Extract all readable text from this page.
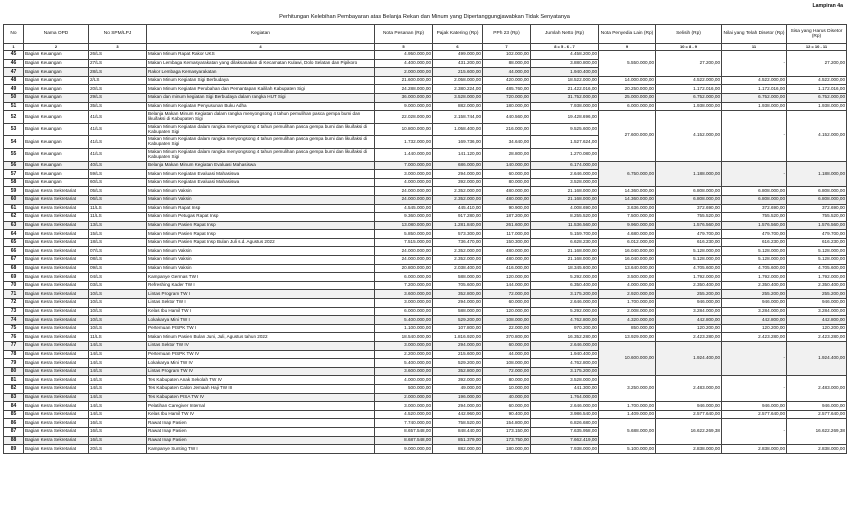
Lampiran 4a
Perhitungan Kelebihan Pembayaran atas Belanja Rekan dan Minum yang Dipertanggungjawabkan Tidak Senyatanya
No	Nama OPD	No SPM/LPJ	Kegiatan	Nota Pesanan (Rp)	Pajak Katering (Rp)	PPh 23 (Rp)	Jumlah Netto (Rp)	Nota Penyedia Lain (Rp)	Selisih (Rp)	Nilai yang Telah Disetor (Rp)	Sisa yang Harus Disetor (Rp)
1	2	3	4	5	6	7	8 = 5 - 6 - 7	9	10 = 8 - 9	11	12 = 10 - 11
45	Bagian Keuangan	26/LS	Makan Minum Rapat Rakor UKS	4.950.000,00	499.000,00	102.000,00	4.458.200,00	5.550.000,00	27.200,00	-	27.200,00
46	Bagian Keuangan	27/LS	Makan Lembaga Kemasyarakatan yang dilaksanakan di Kecamatan Kulawi, Dolo Selatan dan Pipikoro	4.400.000,00	431.200,00	88.000,00	3.880.800,00				
47	Bagian Keuangan	28/LS	Rakor Lembaga Kemasyarakatan	2.000.000,00	215.600,00	44.000,00	1.940.400,00				
48	Bagian Keuangan	2/LS	Makan Minum Kegiatan Sigi Berbudaya	21.600.000,00	2.058.000,00	420.000,00	18.522.000,00	14.000.000,00	4.522.000,00	4.522.000,00	4.522.000,00
49	Bagian Keuangan	20/LS	Makan Minum Kegiatan Perubahan dan Pemantapan Kaililah Kabupaten Sigi	24.288.000,00	2.380.224,00	485.760,00	21.422.016,00	20.250.000,00	1.172.016,00	1.172.016,00	1.172.016,00
50	Bagian Keuangan	29/LS	Makan dan minum kegiatan Sigi Berbudaya dalam rangka HUT Sigi	36.000.000,00	3.528.000,00	720.000,00	31.752.000,00	25.000.000,00	6.752.000,00	6.752.000,00	6.752.000,00
51	Bagian Keuangan	35/LS	Makan Minum Kegiatan Penyusunan Buku Adha	9.000.000,00	882.000,00	180.000,00	7.938.000,00	6.000.000,00	1.938.000,00	1.938.000,00	1.938.000,00
52	Bagian Keuangan	41/LS	Belanja Makan Minum Kegiatan dalam rangka menyongsong 4 tahun pemulihan pasca gempa bumi dan likuifaksi di Kabupaten Sigi	22.028.000,00	2.158.744,00	440.560,00	19.428.696,00	27.600.000,00	4.152.000,00	-	4.152.000,00
53	Bagian Keuangan	41/LS	Makan Minum Kegiatan dalam rangka menyongsong 4 tahun pemulihan pasca gempa bumi dan likuifaksi di Kabupaten Sigi	10.800.000,00	1.058.400,00	216.000,00	9.525.600,00				
54	Bagian Keuangan	41/LS	Makan Minum Kegiatan dalam rangka menyongsong 4 tahun pemulihan pasca gempa bumi dan likuifaksi di Kabupaten Sigi	1.732.000,00	169.736,00	34.640,00	1.527.624,00				
55	Bagian Keuangan	41/LS	Makan Minum Kegiatan dalam rangka menyongsong 4 tahun pemulihan pasca gempa bumi dan likuifaksi di Kabupaten Sigi	1.440.000,00	141.120,00	28.800,00	1.270.080,00				
56	Bagian Keuangan	40/LS	Belanja Makan Minum Kegiatan Evaluasi Mahasiswa	7.000.000,00	686.000,00	140.000,00	6.174.000,00	6.750.000,00	1.188.000,00	-	1.188.000,00
57	Bagian Keuangan	59/LS	Makan Minum Kegiatan Evaluasi Mahasiswa	3.000.000,00	294.000,00	60.000,00	2.646.000,00				
58	Bagian Keuangan	60/LS	Makan Minum Kegiatan Evaluasi Mahasiswa	4.000.000,00	392.000,00	80.000,00	3.528.000,00				
59	Bagian Kesra Sekretariat	05/LS	Makan Minum Vaksin	24.000.000,00	2.352.000,00	480.000,00	21.168.000,00	14.360.000,00	6.808.000,00	6.808.000,00	6.808.000,00
60	Bagian Kesra Sekretariat	06/LS	Makan Minum Vaksin	24.000.000,00	2.352.000,00	480.000,00	21.168.000,00	14.360.000,00	6.808.000,00	6.808.000,00	6.808.000,00
61	Bagian Kesra Sekretariat	11/LS	Makan Minum Rapat Insp	4.545.000,00	445.410,00	90.900,00	4.008.690,00	3.636.000,00	372.690,00	372.690,00	372.690,00
62	Bagian Kesra Sekretariat	11/LS	Makan Minum Petugas Rapat Insp	9.360.000,00	917.280,00	187.200,00	8.255.520,00	7.500.000,00	755.520,00	755.520,00	755.520,00
63	Bagian Kesra Sekretariat	13/LS	Makan Minum Pasien Rapat Insp	13.080.000,00	1.281.840,00	261.600,00	11.536.560,00	9.960.000,00	1.576.560,00	1.576.560,00	1.576.560,00
64	Bagian Kesra Sekretariat	15/LS	Makan Minum Pasien Rapat Insp	5.850.000,00	573.300,00	117.000,00	5.159.700,00	4.680.000,00	479.700,00	479.700,00	479.700,00
65	Bagian Kesra Sekretariat	18/LS	Makan Minum Pasien Rapat Insp Bulan Juli s.d. Agustus 2022	7.515.000,00	736.470,00	150.300,00	6.628.230,00	6.012.000,00	616.230,00	616.230,00	616.230,00
66	Bagian Kesra Sekretariat	07/LS	Makan Minum Vaksin	24.000.000,00	2.352.000,00	480.000,00	21.168.000,00	16.040.000,00	5.128.000,00	5.128.000,00	5.128.000,00
67	Bagian Kesra Sekretariat	08/LS	Makan Minum Vaksin	24.000.000,00	2.352.000,00	480.000,00	21.168.000,00	16.040.000,00	5.128.000,00	5.128.000,00	5.128.000,00
68	Bagian Kesra Sekretariat	09/LS	Makan Minum Vaksin	20.800.000,00	2.038.400,00	416.000,00	18.345.600,00	13.640.000,00	4.705.600,00	4.705.600,00	4.705.600,00
69	Bagian Kesra Sekretariat	04/LS	Kampanye Germas TW I	6.000.000,00	588.000,00	120.000,00	5.292.000,00	3.500.000,00	1.792.000,00	1.792.000,00	1.792.000,00
70	Bagian Kesra Sekretariat	03/LS	Refreshing Kader TW I	7.200.000,00	705.600,00	144.000,00	6.350.400,00	4.000.000,00	2.350.400,00	2.350.400,00	2.350.400,00
71	Bagian Kesra Sekretariat	10/LS	Lintas Program TW I	3.600.000,00	352.800,00	72.000,00	3.175.200,00	2.920.000,00	255.200,00	255.200,00	255.200,00
72	Bagian Kesra Sekretariat	10/LS	Lintas Sektor TW I	3.000.000,00	294.000,00	60.000,00	2.646.000,00	1.700.000,00	946.000,00	946.000,00	946.000,00
73	Bagian Kesra Sekretariat	10/LS	Kelas Ibu Hamil TW I	6.000.000,00	588.000,00	120.000,00	5.292.000,00	2.008.000,00	3.284.000,00	3.284.000,00	3.284.000,00
74	Bagian Kesra Sekretariat	10/LS	Lokakarya Mini TW I	5.400.000,00	529.200,00	108.000,00	4.762.800,00	4.320.000,00	442.800,00	442.800,00	442.800,00
75	Bagian Kesra Sekretariat	10/LS	Pertemuan PISPK TW I	1.100.000,00	107.800,00	22.000,00	970.200,00	850.000,00	120.200,00	120.200,00	120.200,00
76	Bagian Kesra Sekretariat	11/LS	Makan Minum Pasien Bulan Juni, Juli, Agustus tahun 2022	18.540.000,00	1.816.920,00	370.800,00	16.352.280,00	13.929.000,00	2.423.280,00	2.423.280,00	2.423.280,00
77	Bagian Kesra Sekretariat	14/LS	Lintas Sektor TW IV	3.000.000,00	294.000,00	60.000,00	2.646.000,00	10.600.000,00	1.924.400,00	-	1.924.400,00
78	Bagian Kesra Sekretariat	14/LS	Pertemuan PISPK TW IV	2.200.000,00	215.600,00	44.000,00	1.940.400,00				
79	Bagian Kesra Sekretariat	14/LS	Lokakarya Mini TW IV	5.400.000,00	529.200,00	108.000,00	4.762.800,00				
80	Bagian Kesra Sekretariat	14/LS	Lintas Program TW IV	3.600.000,00	352.800,00	72.000,00	3.175.200,00				
81	Bagian Kesra Sekretariat	14/LS	Tes Kabupaten Anak Sekolah TW IV	4.000.000,00	392.000,00	80.000,00	3.528.000,00	3.250.000,00	2.483.000,00	-	2.483.000,00
82	Bagian Kesra Sekretariat	14/LS	Tes Kabupaten Calon Jemaah Haji TW III	500.000,00	49.000,00	10.000,00	441.300,00				
83	Bagian Kesra Sekretariat	14/LS	Tes Kabupaten PISA TW IV	2.000.000,00	196.000,00	40.000,00	1.764.000,00				
84	Bagian Kesra Sekretariat	14/LS	Pelatihan Caregiver Internal	3.000.000,00	294.000,00	60.000,00	2.646.000,00	1.700.000,00	946.000,00	946.000,00	946.000,00
85	Bagian Kesra Sekretariat	14/LS	Kelas Ibu Hamil TW IV	4.520.000,00	442.960,00	90.400,00	3.986.540,00	1.409.000,00	2.577.640,00	2.577.640,00	2.577.640,00
86	Bagian Kesra Sekretariat	16/LS	Rawat Inap Pasien	7.740.000,00	758.520,00	154.800,00	6.826.680,00	5.688.000,00	16.622.269,38	-	16.622.269,38
87	Bagian Kesra Sekretariat	16/LS	Rawat Inap Pasien	8.657.548,00	848.440,00	173.150,00	7.635.958,00				
88	Bagian Kesra Sekretariat	16/LS	Rawat Inap Pasien	8.687.548,00	851.379,00	173.750,00	7.662.419,00				
89	Bagian Kesra Sekretariat	20/LS	Kampanye Sunting TW I	9.000.000,00	882.000,00	180.000,00	7.938.000,00	5.100.000,00	2.838.000,00	2.838.000,00	2.838.000,00
